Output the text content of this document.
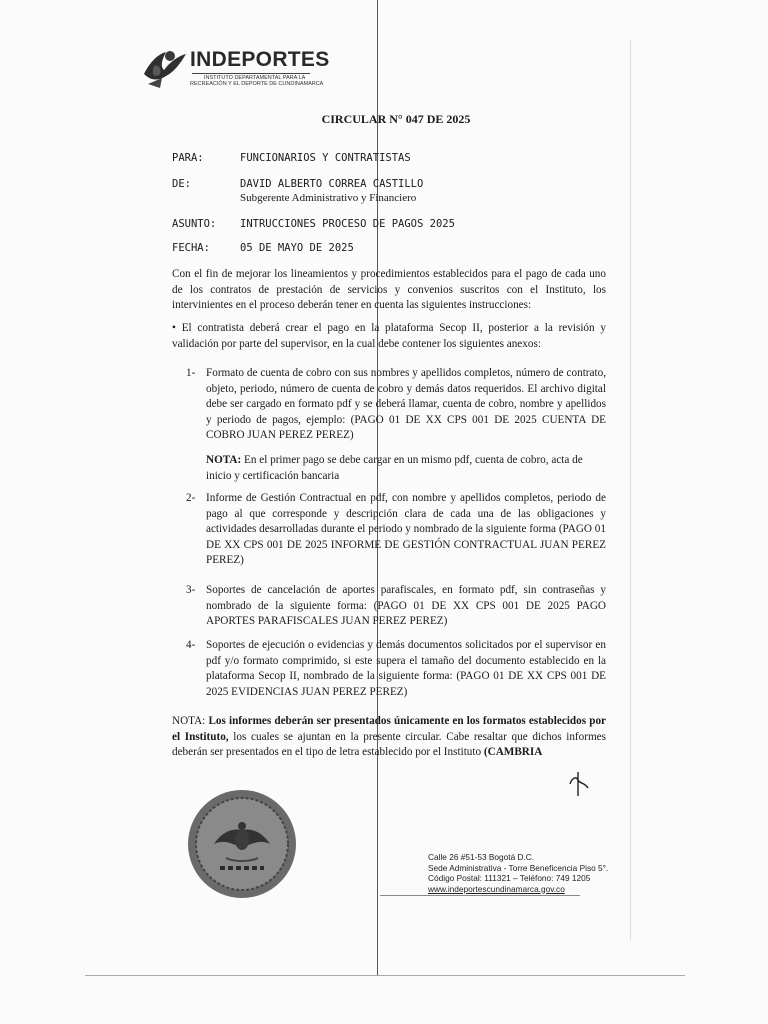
INDEPORTES
INSTITUTO DEPARTAMENTAL PARA LA
RECREACIÓN Y EL DEPORTE DE CUNDINAMARCA
CIRCULAR N° 047 DE 2025
PARA:	FUNCIONARIOS Y CONTRATISTAS
DE:	DAVID ALBERTO CORREA CASTILLO
Subgerente Administrativo y Financiero
ASUNTO: INTRUCCIONES PROCESO DE PAGOS 2025
FECHA:	05 DE MAYO DE 2025
Con el fin de mejorar los lineamientos y procedimientos establecidos para el pago de cada uno de los contratos de prestación de servicios y convenios suscritos con el Instituto, los intervinientes en el proceso deberán tener en cuenta las siguientes instrucciones:
• El contratista deberá crear el pago en la plataforma Secop II, posterior a la revisión y validación por parte del supervisor, en la cual debe contener los siguientes anexos:
1- Formato de cuenta de cobro con sus nombres y apellidos completos, número de contrato, objeto, periodo, número de cuenta de cobro y demás datos requeridos. El archivo digital debe ser cargado en formato pdf y se deberá llamar, cuenta de cobro, nombre y apellidos y periodo de pagos, ejemplo: (PAGO 01 DE XX CPS 001 DE 2025 CUENTA DE COBRO JUAN PEREZ PEREZ)
NOTA: En el primer pago se debe cargar en un mismo pdf, cuenta de cobro, acta de inicio y certificación bancaria
2- Informe de Gestión Contractual en pdf, con nombre y apellidos completos, periodo de pago al que corresponde y descripción clara de cada una de las obligaciones y actividades desarrolladas durante el periodo y nombrado de la siguiente forma (PAGO 01 DE XX CPS 001 DE 2025 INFORME DE GESTIÓN CONTRACTUAL JUAN PEREZ PEREZ)
3- Soportes de cancelación de aportes parafiscales, en formato pdf, sin contraseñas y nombrado de la siguiente forma: (PAGO 01 DE XX CPS 001 DE 2025 PAGO APORTES PARAFISCALES JUAN PEREZ PEREZ)
4- Soportes de ejecución o evidencias y demás documentos solicitados por el supervisor en pdf y/o formato comprimido, si este supera el tamaño del documento establecido en la plataforma Secop II, nombrado de la siguiente forma: (PAGO 01 DE XX CPS 001 DE 2025 EVIDENCIAS JUAN PEREZ PEREZ)
NOTA: Los informes deberán ser presentados únicamente en los formatos establecidos por el Instituto, los cuales se ajuntan en la presente circular. Cabe resaltar que dichos informes deberán ser presentados en el tipo de letra establecido por el Instituto (CAMBRIA
Calle 26 #51-53 Bogotá D.C.
Sede Administrativa - Torre Beneficencia Piso 5°.
Código Postal: 111321 – Teléfono: 749 1205
www.indeportescundinamarca.gov.co
